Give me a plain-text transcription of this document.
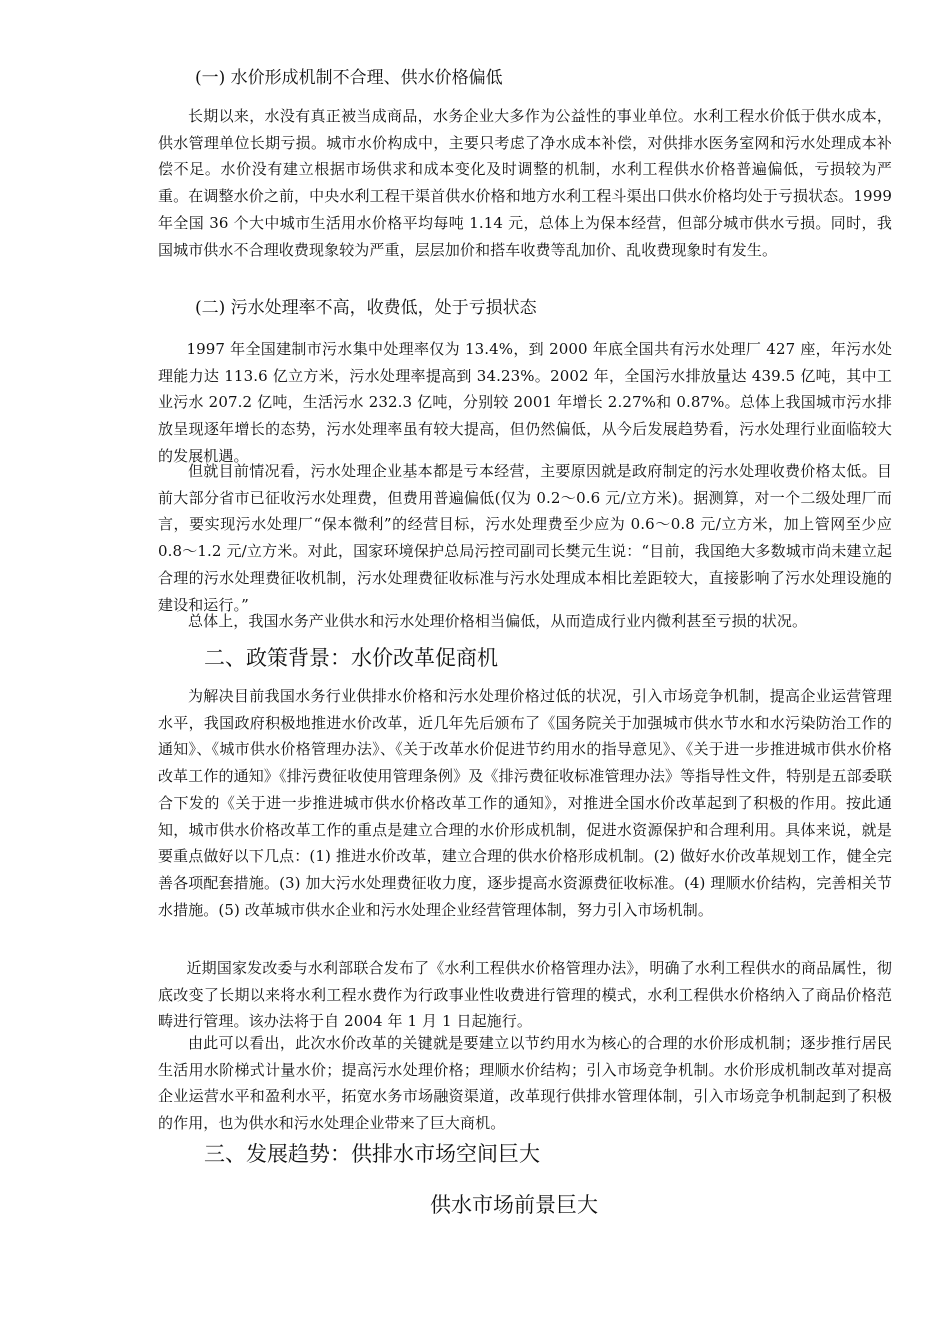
(一) 水价形成机制不合理、供水价格偏低
长期以来，水没有真正被当成商品，水务企业大多作为公益性的事业单位。水利工程水价低于供水成本，供水管理单位长期亏损。城市水价构成中，主要只考虑了净水成本补偿，对供排水医务室网和污水处理成本补偿不足。水价没有建立根据市场供求和成本变化及时调整的机制，水利工程供水价格普遍偏低，亏损较为严重。在调整水价之前，中央水利工程干渠首供水价格和地方水利工程斗渠出口供水价格均处于亏损状态。1999 年全国 36 个大中城市生活用水价格平均每吨 1.14 元，总体上为保本经营，但部分城市供水亏损。同时，我国城市供水不合理收费现象较为严重，层层加价和搭车收费等乱加价、乱收费现象时有发生。
(二) 污水处理率不高，收费低，处于亏损状态
1997 年全国建制市污水集中处理率仅为 13.4%，到 2000 年底全国共有污水处理厂 427 座，年污水处理能力达 113.6 亿立方米，污水处理率提高到 34.23%。2002 年，全国污水排放量达 439.5 亿吨，其中工业污水 207.2 亿吨，生活污水 232.3 亿吨，分别较 2001 年增长 2.27%和 0.87%。总体上我国城市污水排放呈现逐年增长的态势，污水处理率虽有较大提高，但仍然偏低，从今后发展趋势看，污水处理行业面临较大的发展机遇。
但就目前情况看，污水处理企业基本都是亏本经营，主要原因就是政府制定的污水处理收费价格太低。目前大部分省市已征收污水处理费，但费用普遍偏低(仅为 0.2～0.6 元/立方米)。据测算，对一个二级处理厂而言，要实现污水处理厂“保本微利”的经营目标，污水处理费至少应为 0.6～0.8 元/立方米，加上管网至少应 0.8～1.2 元/立方米。对此，国家环境保护总局污控司副司长樊元生说：“目前，我国绝大多数城市尚未建立起合理的污水处理费征收机制，污水处理费征收标准与污水处理成本相比差距较大，直接影响了污水处理设施的建设和运行。”
总体上，我国水务产业供水和污水处理价格相当偏低，从而造成行业内微利甚至亏损的状况。
二、政策背景：水价改革促商机
为解决目前我国水务行业供排水价格和污水处理价格过低的状况，引入市场竞争机制，提高企业运营管理水平，我国政府积极地推进水价改革，近几年先后颁布了《国务院关于加强城市供水节水和水污染防治工作的通知》、《城市供水价格管理办法》、《关于改革水价促进节约用水的指导意见》、《关于进一步推进城市供水价格改革工作的通知》《排污费征收使用管理条例》及《排污费征收标准管理办法》等指导性文件，特别是五部委联合下发的《关于进一步推进城市供水价格改革工作的通知》，对推进全国水价改革起到了积极的作用。按此通知，城市供水价格改革工作的重点是建立合理的水价形成机制，促进水资源保护和合理利用。具体来说，就是要重点做好以下几点：(1) 推进水价改革，建立合理的供水价格形成机制。(2) 做好水价改革规划工作，健全完善各项配套措施。(3) 加大污水处理费征收力度，逐步提高水资源费征收标准。(4) 理顺水价结构，完善相关节水措施。(5) 改革城市供水企业和污水处理企业经营管理体制，努力引入市场机制。
近期国家发改委与水利部联合发布了《水利工程供水价格管理办法》，明确了水利工程供水的商品属性，彻底改变了长期以来将水利工程水费作为行政事业性收费进行管理的模式，水利工程供水价格纳入了商品价格范畴进行管理。该办法将于自 2004 年 1 月 1 日起施行。
由此可以看出，此次水价改革的关键就是要建立以节约用水为核心的合理的水价形成机制；逐步推行居民生活用水阶梯式计量水价；提高污水处理价格；理顺水价结构；引入市场竞争机制。水价形成机制改革对提高企业运营水平和盈利水平，拓宽水务市场融资渠道，改革现行供排水管理体制，引入市场竞争机制起到了积极的作用，也为供水和污水处理企业带来了巨大商机。
三、发展趋势：供排水市场空间巨大
供水市场前景巨大
